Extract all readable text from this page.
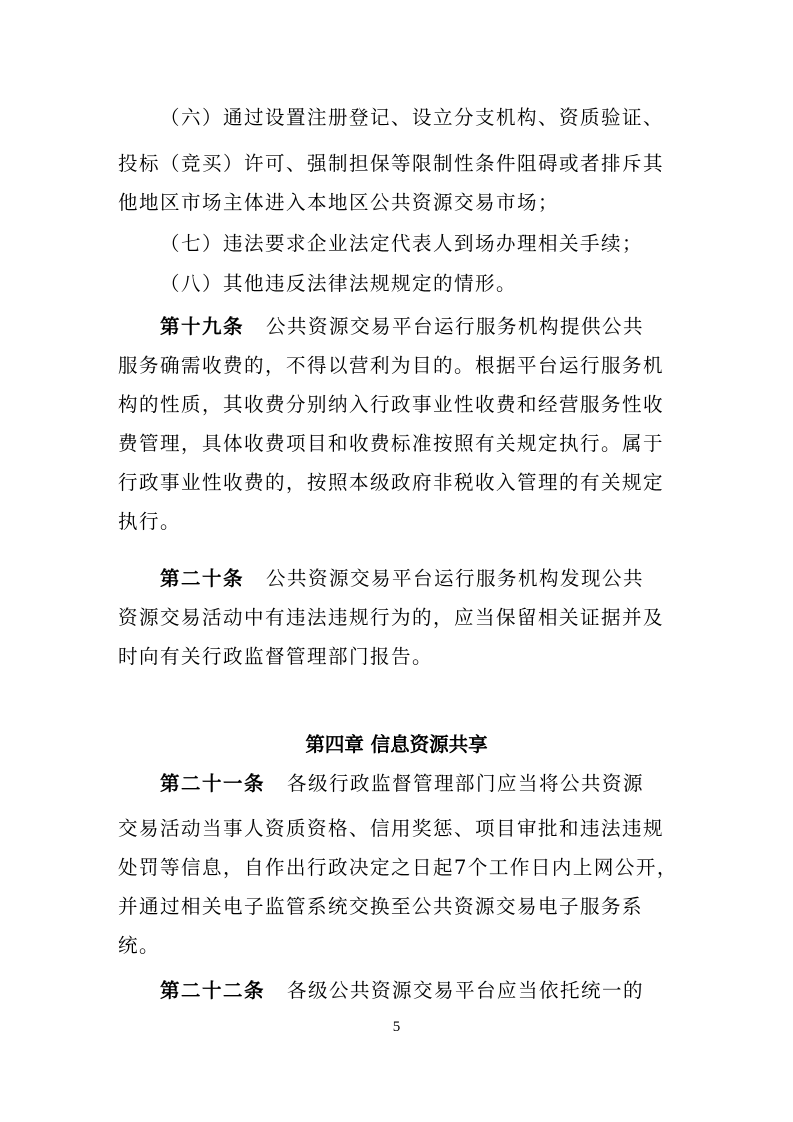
（六）通过设置注册登记、设立分支机构、资质验证、
投标（竞买）许可、强制担保等限制性条件阻碍或者排斥其
他地区市场主体进入本地区公共资源交易市场；
（七）违法要求企业法定代表人到场办理相关手续；
（八）其他违反法律法规规定的情形。
第十九条 公共资源交易平台运行服务机构提供公共
服务确需收费的，不得以营利为目的。根据平台运行服务机
构的性质，其收费分别纳入行政事业性收费和经营服务性收
费管理，具体收费项目和收费标准按照有关规定执行。属于
行政事业性收费的，按照本级政府非税收入管理的有关规定
执行。
第二十条 公共资源交易平台运行服务机构发现公共
资源交易活动中有违法违规行为的，应当保留相关证据并及
时向有关行政监督管理部门报告。
第四章 信息资源共享
第二十一条 各级行政监督管理部门应当将公共资源
交易活动当事人资质资格、信用奖惩、项目审批和违法违规
处罚等信息，自作出行政决定之日起7个工作日内上网公开，
并通过相关电子监管系统交换至公共资源交易电子服务系
统。
第二十二条 各级公共资源交易平台应当依托统一的
5
